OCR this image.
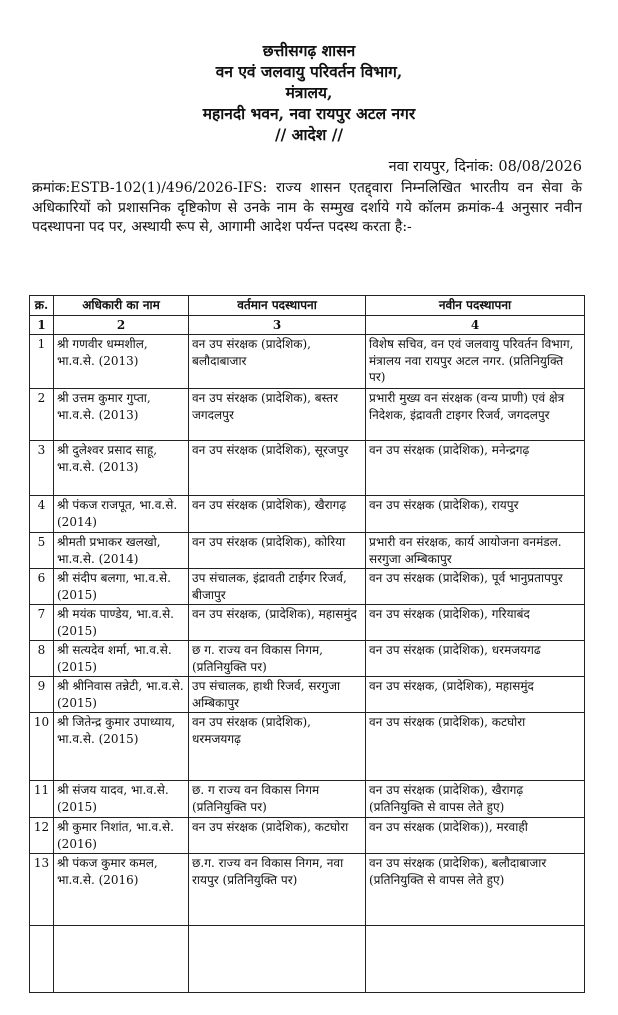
छत्तीसगढ़ शासन
वन एवं जलवायु परिवर्तन विभाग,
मंत्रालय,
महानदी भवन, नवा रायपुर अटल नगर
// आदेश //
नवा रायपुर, दिनांक: 08/08/2026

क्रमांक:ESTB-102(1)/496/2026-IFS: राज्य शासन एतद्द्वारा निम्नलिखित भारतीय वन सेवा के अधिकारियों को प्रशासनिक दृष्टिकोण से उनके नाम के सम्मुख दर्शाये गये कॉलम क्रमांक-4 अनुसार नवीन पदस्थापना पद पर, अस्थायी रूप से, आगामी आदेश पर्यन्त पदस्थ करता है:-

क्र.	अधिकारी का नाम	वर्तमान पदस्थापना	नवीन पदस्थापना
1	2	3	4
1	श्री गणवीर धम्मशील, भा.व.से. (2013)	वन उप संरक्षक (प्रादेशिक), बलौदाबाजार	विशेष सचिव, वन एवं जलवायु परिवर्तन विभाग, मंत्रालय नवा रायपुर अटल नगर. (प्रतिनियुक्ति पर)
2	श्री उत्तम कुमार गुप्ता, भा.व.से. (2013)	वन उप संरक्षक (प्रादेशिक), बस्तर जगदलपुर	प्रभारी मुख्य वन संरक्षक (वन्य प्राणी) एवं क्षेत्र निदेशक, इंद्रावती टाइगर रिजर्व, जगदलपुर
3	श्री दुलेश्वर प्रसाद साहू, भा.व.से. (2013)	वन उप संरक्षक (प्रादेशिक), सूरजपुर	वन उप संरक्षक (प्रादेशिक), मनेन्द्रगढ़
4	श्री पंकज राजपूत, भा.व.से. (2014)	वन उप संरक्षक (प्रादेशिक), खैरागढ़	वन उप संरक्षक (प्रादेशिक), रायपुर
5	श्रीमती प्रभाकर खलखो, भा.व.से. (2014)	वन उप संरक्षक (प्रादेशिक), कोरिया	प्रभारी वन संरक्षक, कार्य आयोजना वनमंडल. सरगुजा अम्बिकापुर
6	श्री संदीप बलगा, भा.व.से. (2015)	उप संचालक, इंद्रावती टाईगर रिजर्व, बीजापुर	वन उप संरक्षक (प्रादेशिक), पूर्व भानुप्रतापपुर
7	श्री मयंक पाण्डेय, भा.व.से. (2015)	वन उप संरक्षक, (प्रादेशिक), महासमुंद	वन उप संरक्षक (प्रादेशिक), गरियाबंद
8	श्री सत्यदेव शर्मा, भा.व.से. (2015)	छ ग. राज्य वन विकास निगम, (प्रतिनियुक्ति पर)	वन उप संरक्षक (प्रादेशिक), धरमजयगढ
9	श्री श्रीनिवास तन्नेटी, भा.व.से. (2015)	उप संचालक, हाथी रिजर्व, सरगुजा अम्बिकापुर	वन उप संरक्षक, (प्रादेशिक), महासमुंद
10	श्री जितेन्द्र कुमार उपाध्याय, भा.व.से. (2015)	वन उप संरक्षक (प्रादेशिक), धरमजयगढ़	वन उप संरक्षक (प्रादेशिक), कटघोरा
11	श्री संजय यादव, भा.व.से. (2015)	छ. ग राज्य वन विकास निगम (प्रतिनियुक्ति पर)	वन उप संरक्षक (प्रादेशिक), खैरागढ़ (प्रतिनियुक्ति से वापस लेते हुए)
12	श्री कुमार निशांत, भा.व.से. (2016)	वन उप संरक्षक (प्रादेशिक), कटघोरा	वन उप संरक्षक (प्रादेशिक)), मरवाही
13	श्री पंकज कुमार कमल, भा.व.से. (2016)	छ.ग. राज्य वन विकास निगम, नवा रायपुर (प्रतिनियुक्ति पर)	वन उप संरक्षक (प्रादेशिक), बलौदाबाजार (प्रतिनियुक्ति से वापस लेते हुए)
